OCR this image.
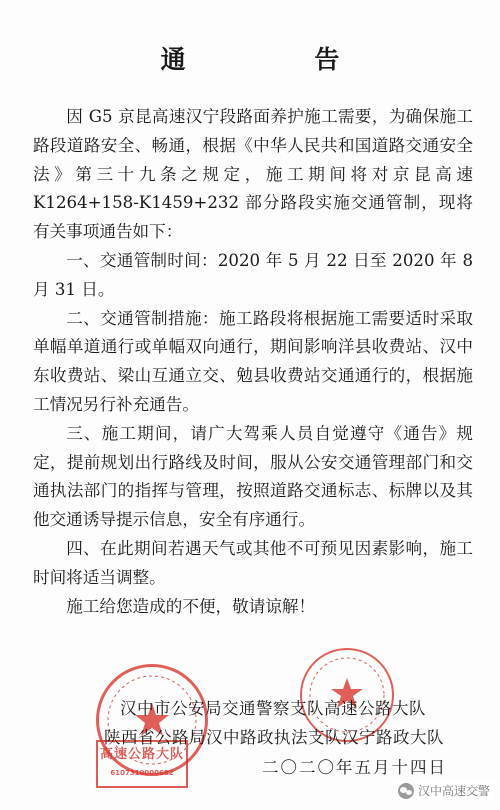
通 告

因 G5 京昆高速汉宁段路面养护施工需要，为确保施工路段道路安全、畅通，根据《中华人民共和国道路交通安全法》第三十九条之规定，施工期间将对京昆高速 K1264+158-K1459+232 部分路段实施交通管制，现将有关事项通告如下：

一、交通管制时间：2020 年 5 月 22 日至 2020 年 8 月 31 日。

二、交通管制措施：施工路段将根据施工需要适时采取单幅单道通行或单幅双向通行，期间影响洋县收费站、汉中东收费站、梁山互通立交、勉县收费站交通通行的，根据施工情况另行补充通告。

三、施工期间，请广大驾乘人员自觉遵守《通告》规定，提前规划出行路线及时间，服从公安交通管理部门和交通执法部门的指挥与管理，按照道路交通标志、标牌以及其他交通诱导提示信息，安全有序通行。

四、在此期间若遇天气或其他不可预见因素影响，施工时间将适当调整。

施工给您造成的不便，敬请谅解！

高速公路大队
6107310000682
汉中市公安局交通警察支队高速公路大队
陕西省公路局汉中路政执法支队汉宁路政大队
二〇二〇年五月十四日
汉中高速交警
